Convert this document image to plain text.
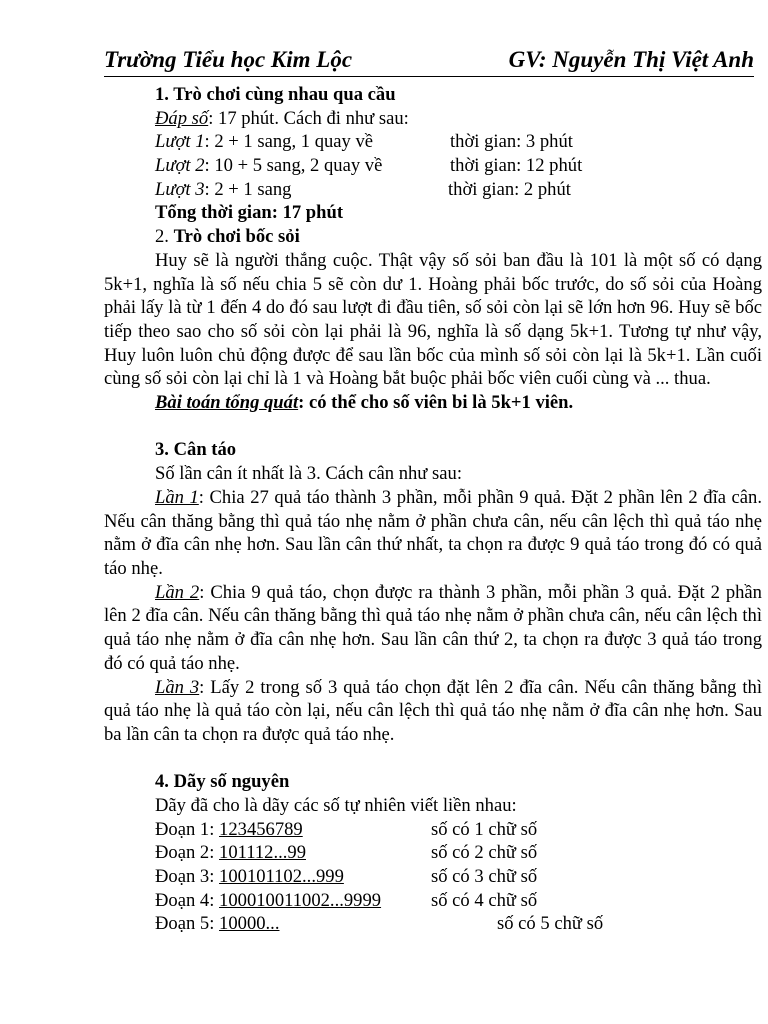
Trường Tiểu học Kim Lộc	GV: Nguyễn Thị Việt Anh

1. Trò chơi cùng nhau qua cầu

Đáp số: 17 phút. Cách đi như sau:

Lượt 1: 2 + 1 sang, 1 quay về	thời gian: 3 phút
Lượt 2: 10 + 5 sang, 2 quay về	thời gian: 12 phút
Lượt 3: 2 + 1 sang	thời gian: 2 phút

Tổng thời gian: 17 phút

2. Trò chơi bốc sỏi

Huy sẽ là người thắng cuộc. Thật vậy số sỏi ban đầu là 101 là một số có dạng 5k+1, nghĩa là số nếu chia 5 sẽ còn dư 1. Hoàng phải bốc trước, do số sỏi của Hoàng phải lấy là từ 1 đến 4 do đó sau lượt đi đầu tiên, số sỏi còn lại sẽ lớn hơn 96. Huy sẽ bốc tiếp theo sao cho số sỏi còn lại phải là 96, nghĩa là số dạng 5k+1. Tương tự như vậy, Huy luôn luôn chủ động được để sau lần bốc của mình số sỏi còn lại là 5k+1. Lần cuối cùng số sỏi còn lại chỉ là 1 và Hoàng bắt buộc phải bốc viên cuối cùng và ... thua.

Bài toán tổng quát: có thể cho số viên bi là 5k+1 viên.

3. Cân táo

Số lần cân ít nhất là 3. Cách cân như sau:

Lần 1: Chia 27 quả táo thành 3 phần, mỗi phần 9 quả. Đặt 2 phần lên 2 đĩa cân. Nếu cân thăng bằng thì quả táo nhẹ nằm ở phần chưa cân, nếu cân lệch thì quả táo nhẹ nằm ở đĩa cân nhẹ hơn. Sau lần cân thứ nhất, ta chọn ra được 9 quả táo trong đó có quả táo nhẹ.

Lần 2: Chia 9 quả táo, chọn được ra thành 3 phần, mỗi phần 3 quả. Đặt 2 phần lên 2 đĩa cân. Nếu cân thăng bằng thì quả táo nhẹ nằm ở phần chưa cân, nếu cân lệch thì quả táo nhẹ nằm ở đĩa cân nhẹ hơn. Sau lần cân thứ 2, ta chọn ra được 3 quả táo trong đó có quả táo nhẹ.

Lần 3: Lấy 2 trong số 3 quả táo chọn đặt lên 2 đĩa cân. Nếu cân thăng bằng thì quả táo nhẹ là quả táo còn lại, nếu cân lệch thì quả táo nhẹ nằm ở đĩa cân nhẹ hơn. Sau ba lần cân ta chọn ra được quả táo nhẹ.

4. Dãy số nguyên

Dãy đã cho là dãy các số tự nhiên viết liền nhau:

Đoạn 1: 123456789	số có 1 chữ số
Đoạn 2: 101112...99	số có 2 chữ số
Đoạn 3: 100101102...999	số có 3 chữ số
Đoạn 4: 100010011002...9999	số có 4 chữ số
Đoạn 5: 10000...	số có 5 chữ số
